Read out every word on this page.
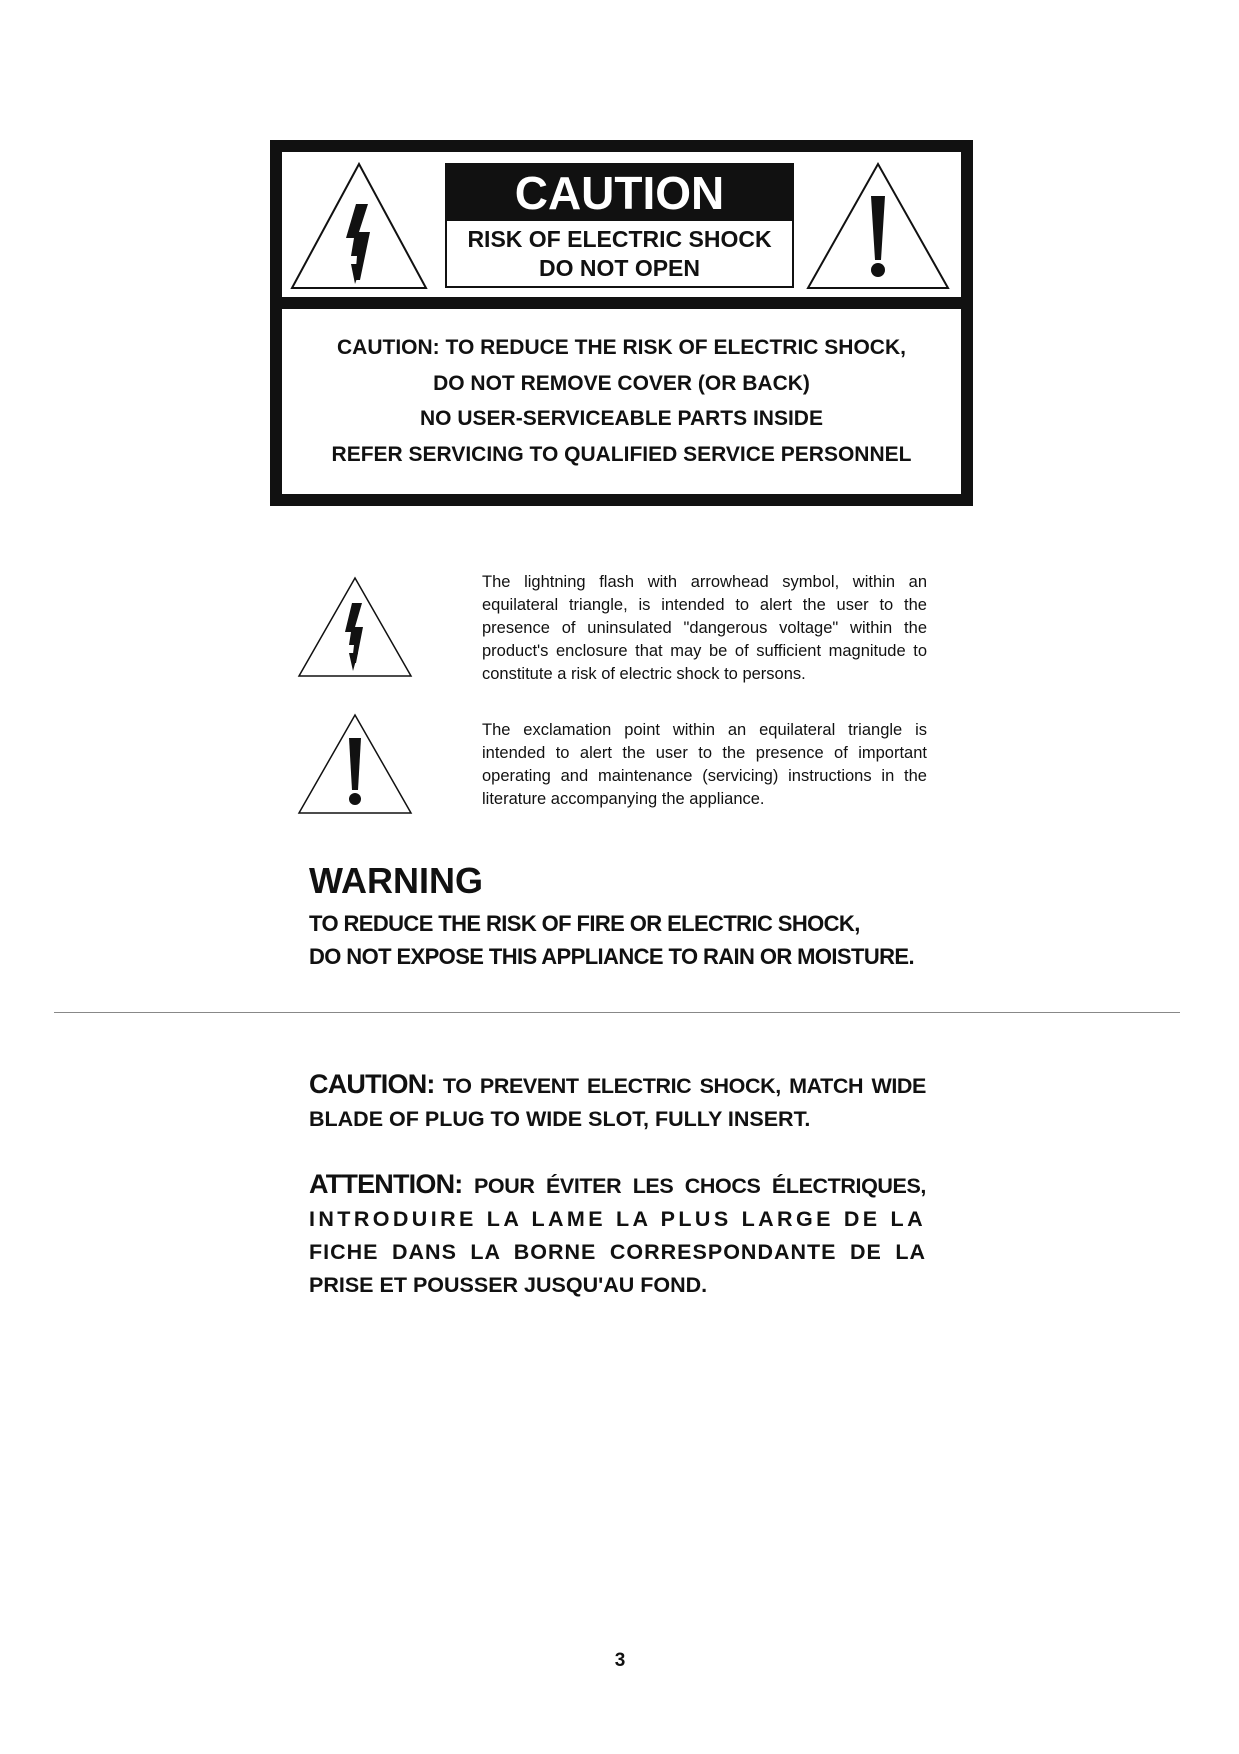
CAUTION
RISK OF ELECTRIC SHOCK
DO NOT OPEN
CAUTION: TO REDUCE THE RISK OF ELECTRIC SHOCK,
DO NOT REMOVE COVER (OR BACK)
NO USER-SERVICEABLE PARTS INSIDE
REFER SERVICING TO QUALIFIED SERVICE PERSONNEL
The lightning flash with arrowhead symbol, within an equilateral triangle, is intended to alert the user to the presence of uninsulated "dangerous voltage" within the product's enclosure that may be of sufficient magnitude to constitute a risk of electric shock to persons.
The exclamation point within an equilateral triangle is intended to alert the user to the presence of important operating and maintenance (servicing) instructions in the literature accompanying the appliance.
WARNING
TO REDUCE THE RISK OF FIRE OR ELECTRIC SHOCK,
DO NOT EXPOSE THIS APPLIANCE TO RAIN OR MOISTURE.
CAUTION: TO PREVENT ELECTRIC SHOCK, MATCH WIDE
BLADE OF PLUG TO WIDE SLOT, FULLY INSERT.
ATTENTION: POUR ÉVITER LES CHOCS ÉLECTRIQUES,
INTRODUIRE LA LAME LA PLUS LARGE DE LA
FICHE DANS LA BORNE CORRESPONDANTE DE LA
PRISE ET POUSSER JUSQU'AU FOND.
3
